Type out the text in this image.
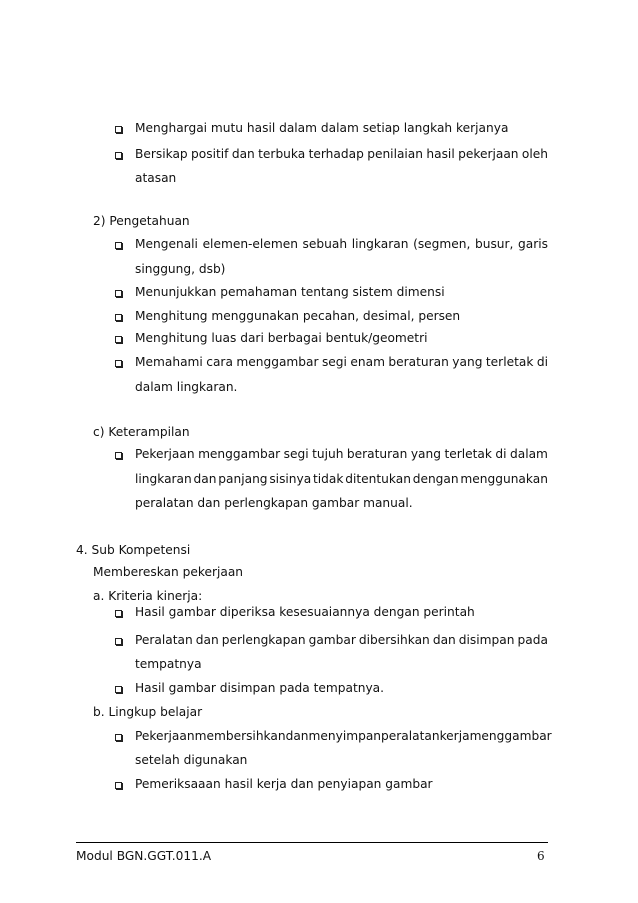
Menghargai mutu hasil dalam dalam setiap langkah kerjanya
Bersikap positif dan terbuka terhadap penilaian hasil pekerjaan oleh
atasan
2) Pengetahuan
Mengenali elemen-elemen sebuah lingkaran (segmen, busur, garis
singgung, dsb)
Menunjukkan pemahaman tentang sistem dimensi
Menghitung menggunakan pecahan, desimal, persen
Menghitung luas dari berbagai bentuk/geometri
Memahami cara menggambar segi enam beraturan yang terletak di
dalam lingkaran.
c) Keterampilan
Pekerjaan menggambar segi tujuh beraturan yang terletak di dalam
lingkaran dan panjang sisinya tidak ditentukan dengan menggunakan
peralatan dan perlengkapan gambar manual.
4. Sub Kompetensi
Membereskan pekerjaan
a. Kriteria kinerja:
Hasil gambar diperiksa kesesuaiannya dengan perintah
Peralatan dan perlengkapan gambar dibersihkan dan disimpan pada
tempatnya
Hasil gambar disimpan pada tempatnya.
b. Lingkup belajar
Pekerjaan membersihkan dan menyimpan peralatan kerja menggambar
setelah digunakan
Pemeriksaaan hasil kerja dan penyiapan gambar
Modul BGN.GGT.011.A	6
